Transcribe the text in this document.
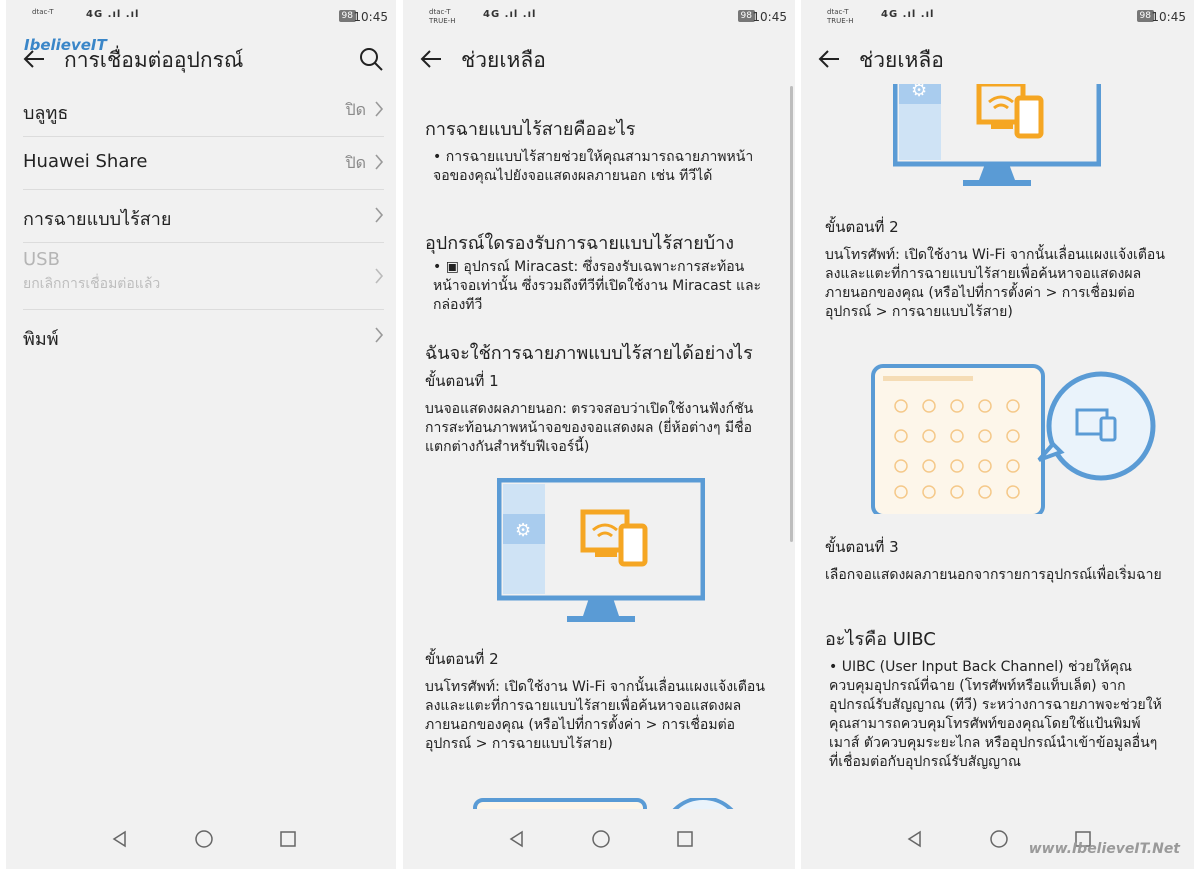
dtac-T	4G .ıl .ıl	98 10:45
IbelieveIT
การเชื่อมต่ออุปกรณ์
บลูทูธ	ปิด
Huawei Share	ปิด
การฉายแบบไร้สาย
USB
ยกเลิกการเชื่อมต่อแล้ว
พิมพ์
dtac-T
TRUE-H
4G .ıl .ıl	98 10:45
ช่วยเหลือ
การฉายแบบไร้สายคืออะไร
• การฉายแบบไร้สายช่วยให้คุณสามารถฉายภาพหน้าจอของคุณไปยังจอแสดงผลภายนอก เช่น ทีวีได้
อุปกรณ์ใดรองรับการฉายแบบไร้สายบ้าง
• ▣ อุปกรณ์ Miracast: ซึ่งรองรับเฉพาะการสะท้อนหน้าจอเท่านั้น ซึ่งรวมถึงทีวีที่เปิดใช้งาน Miracast และกล่องทีวี
ฉันจะใช้การฉายภาพแบบไร้สายได้อย่างไร
ขั้นตอนที่ 1
บนจอแสดงผลภายนอก: ตรวจสอบว่าเปิดใช้งานฟังก์ชันการสะท้อนภาพหน้าจอของจอแสดงผล (ยี่ห้อต่างๆ มีชื่อแตกต่างกันสำหรับฟีเจอร์นี้)
⚙
ขั้นตอนที่ 2
บนโทรศัพท์: เปิดใช้งาน Wi-Fi จากนั้นเลื่อนแผงแจ้งเตือนลงและแตะที่การฉายแบบไร้สายเพื่อค้นหาจอแสดงผลภายนอกของคุณ (หรือไปที่การตั้งค่า > การเชื่อมต่ออุปกรณ์ > การฉายแบบไร้สาย)
dtac-T
TRUE-H
4G .ıl .ıl	98 10:45
ช่วยเหลือ
⚙
ขั้นตอนที่ 2
บนโทรศัพท์: เปิดใช้งาน Wi-Fi จากนั้นเลื่อนแผงแจ้งเตือนลงและแตะที่การฉายแบบไร้สายเพื่อค้นหาจอแสดงผลภายนอกของคุณ (หรือไปที่การตั้งค่า > การเชื่อมต่ออุปกรณ์ > การฉายแบบไร้สาย)
ขั้นตอนที่ 3
เลือกจอแสดงผลภายนอกจากรายการอุปกรณ์เพื่อเริ่มฉาย
อะไรคือ UIBC
• UIBC (User Input Back Channel) ช่วยให้คุณควบคุมอุปกรณ์ที่ฉาย (โทรศัพท์หรือแท็บเล็ต) จากอุปกรณ์รับสัญญาณ (ทีวี) ระหว่างการฉายภาพจะช่วยให้คุณสามารถควบคุมโทรศัพท์ของคุณโดยใช้แป้นพิมพ์ เมาส์ ตัวควบคุมระยะไกล หรืออุปกรณ์นำเข้าข้อมูลอื่นๆ ที่เชื่อมต่อกับอุปกรณ์รับสัญญาณ
www.IbelieveIT.Net
